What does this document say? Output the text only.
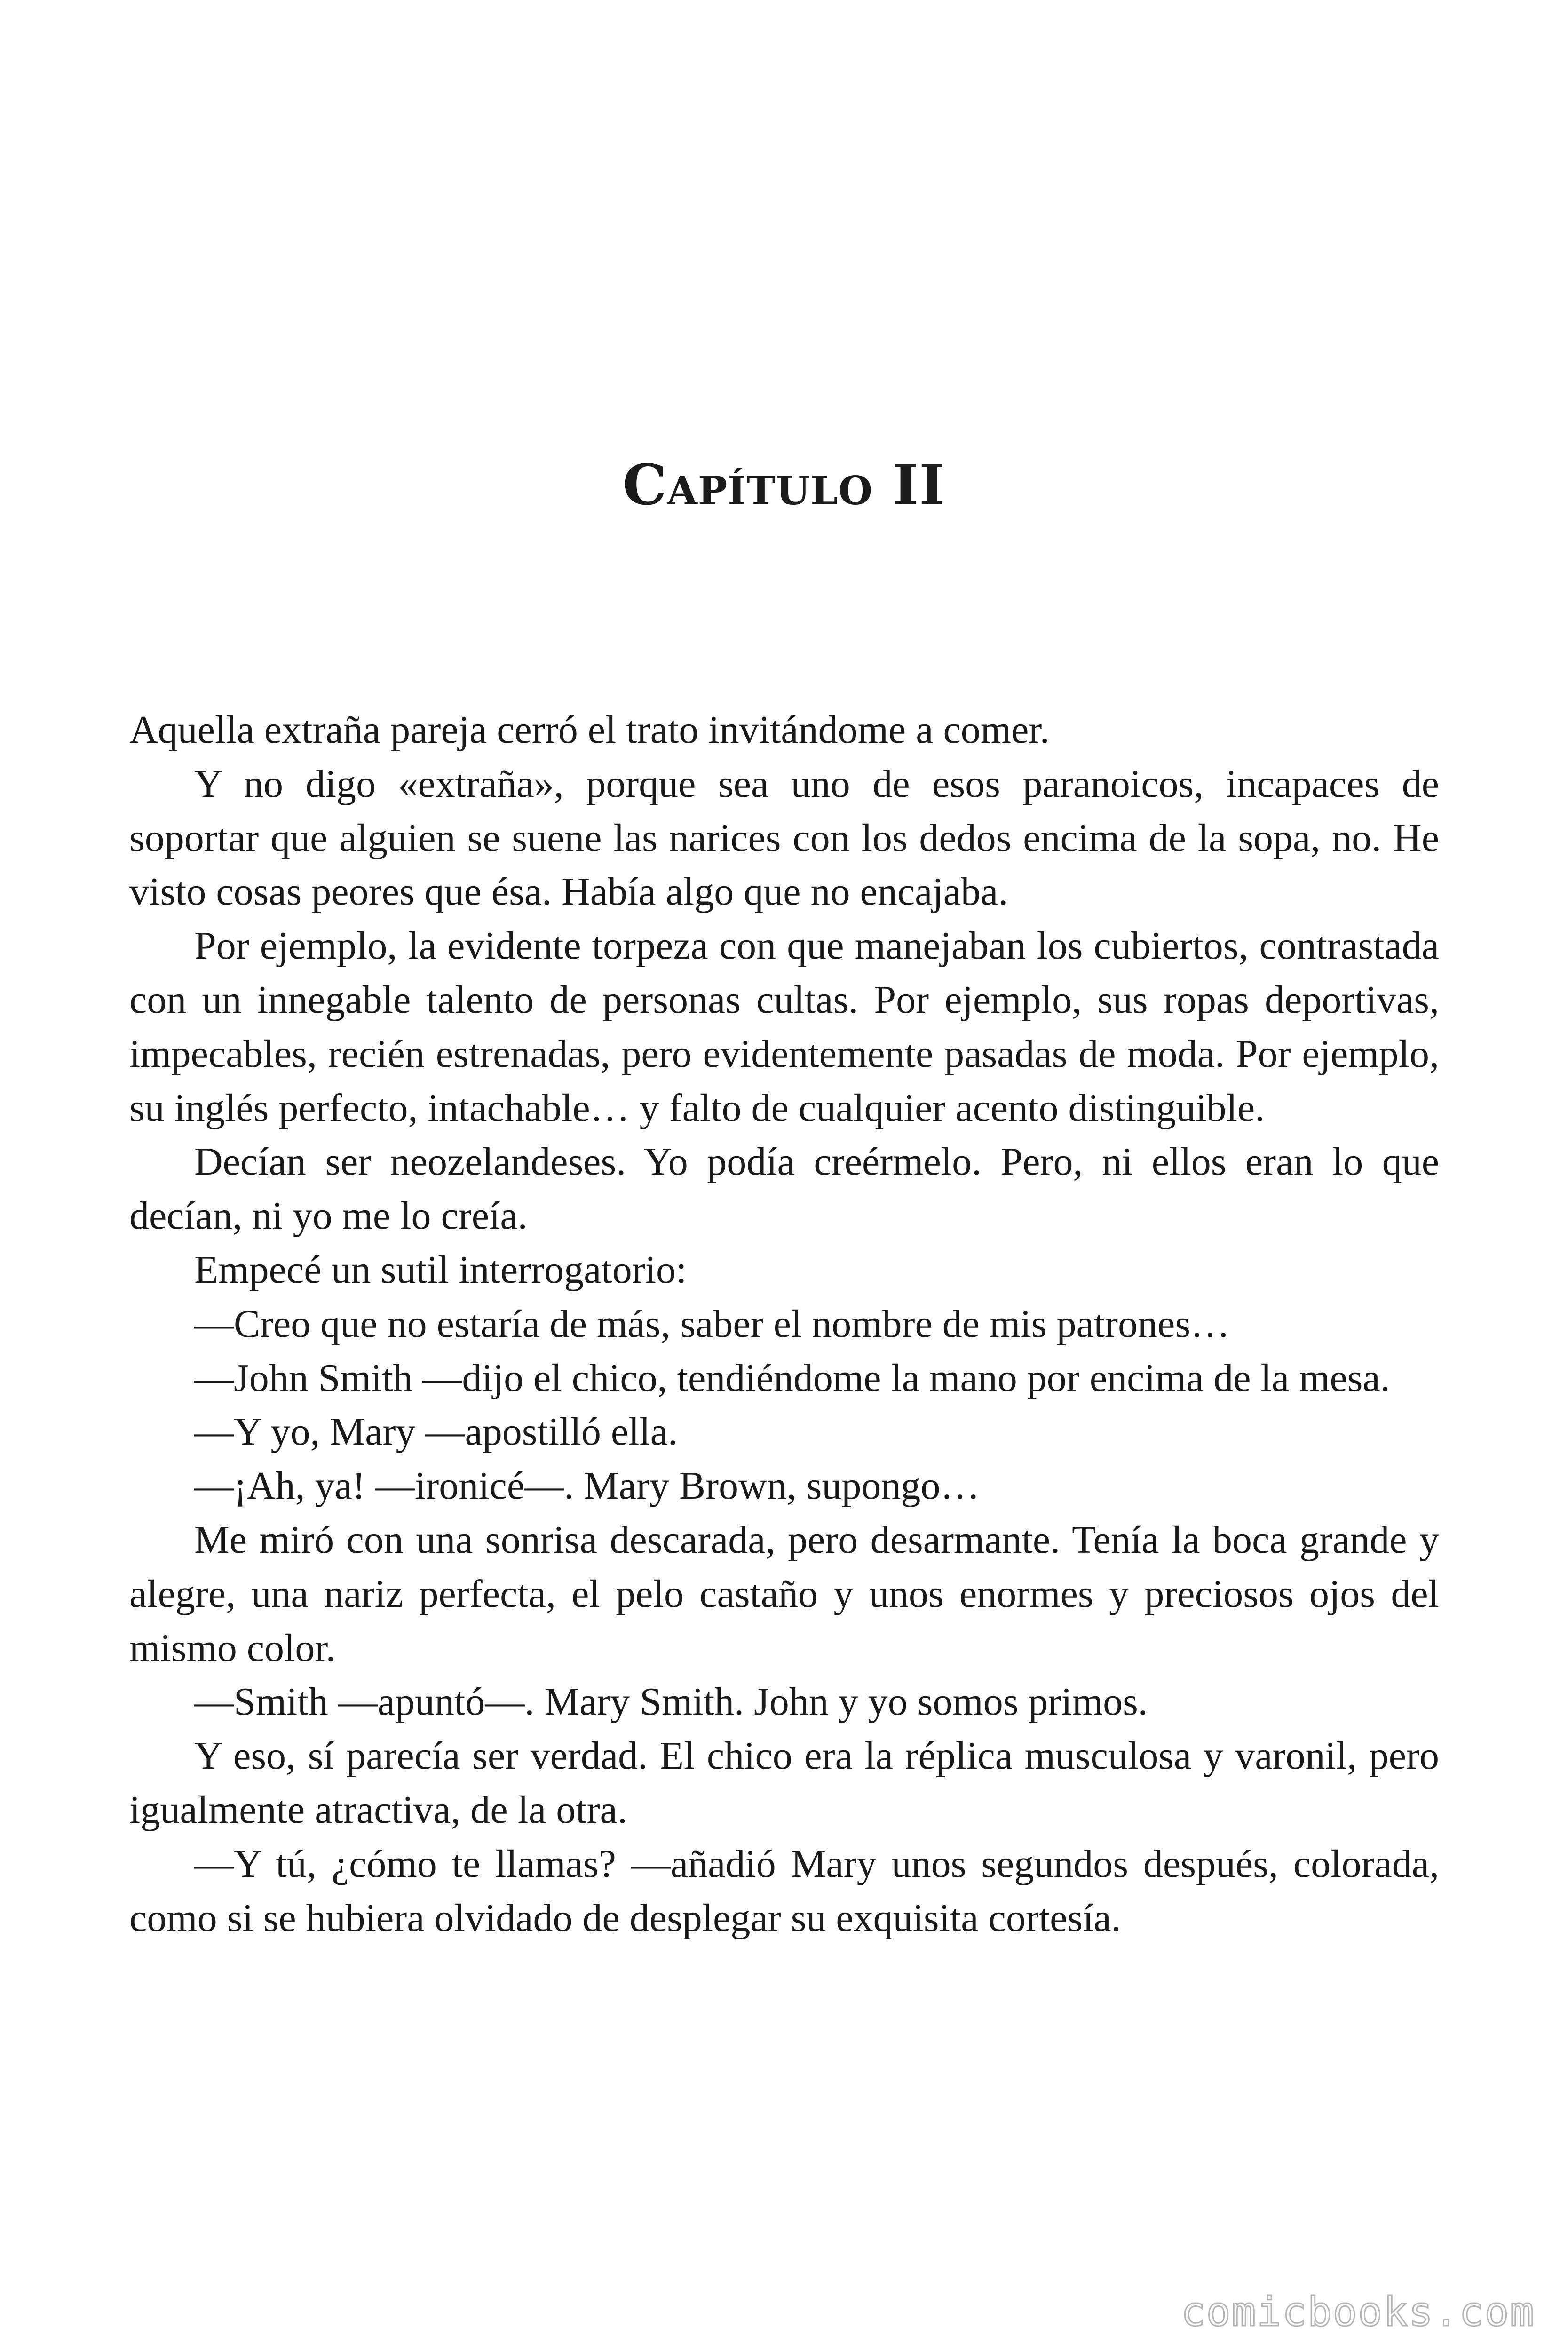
Capítulo II

Aquella extraña pareja cerró el trato invitándome a comer.

Y no digo «extraña», porque sea uno de esos paranoicos, incapaces de soportar que alguien se suene las narices con los dedos encima de la sopa, no. He visto cosas peores que ésa. Había algo que no encajaba.

Por ejemplo, la evidente torpeza con que manejaban los cubiertos, contrastada con un innegable talento de personas cultas. Por ejemplo, sus ropas deportivas, impecables, recién estrenadas, pero evidentemente pasadas de moda. Por ejemplo, su inglés perfecto, intachable… y falto de cualquier acento distinguible.

Decían ser neozelandeses. Yo podía creérmelo. Pero, ni ellos eran lo que decían, ni yo me lo creía.

Empecé un sutil interrogatorio:

—Creo que no estaría de más, saber el nombre de mis patrones…

—John Smith —dijo el chico, tendiéndome la mano por encima de la mesa.

—Y yo, Mary —apostilló ella.

—¡Ah, ya! —ironicé—. Mary Brown, supongo…

Me miró con una sonrisa descarada, pero desarmante. Tenía la boca grande y alegre, una nariz perfecta, el pelo castaño y unos enormes y preciosos ojos del mismo color.

—Smith —apuntó—. Mary Smith. John y yo somos primos.

Y eso, sí parecía ser verdad. El chico era la réplica musculosa y varonil, pero igualmente atractiva, de la otra.

—Y tú, ¿cómo te llamas? —añadió Mary unos segundos después, colorada, como si se hubiera olvidado de desplegar su exquisita cortesía.

comicbooks.com
